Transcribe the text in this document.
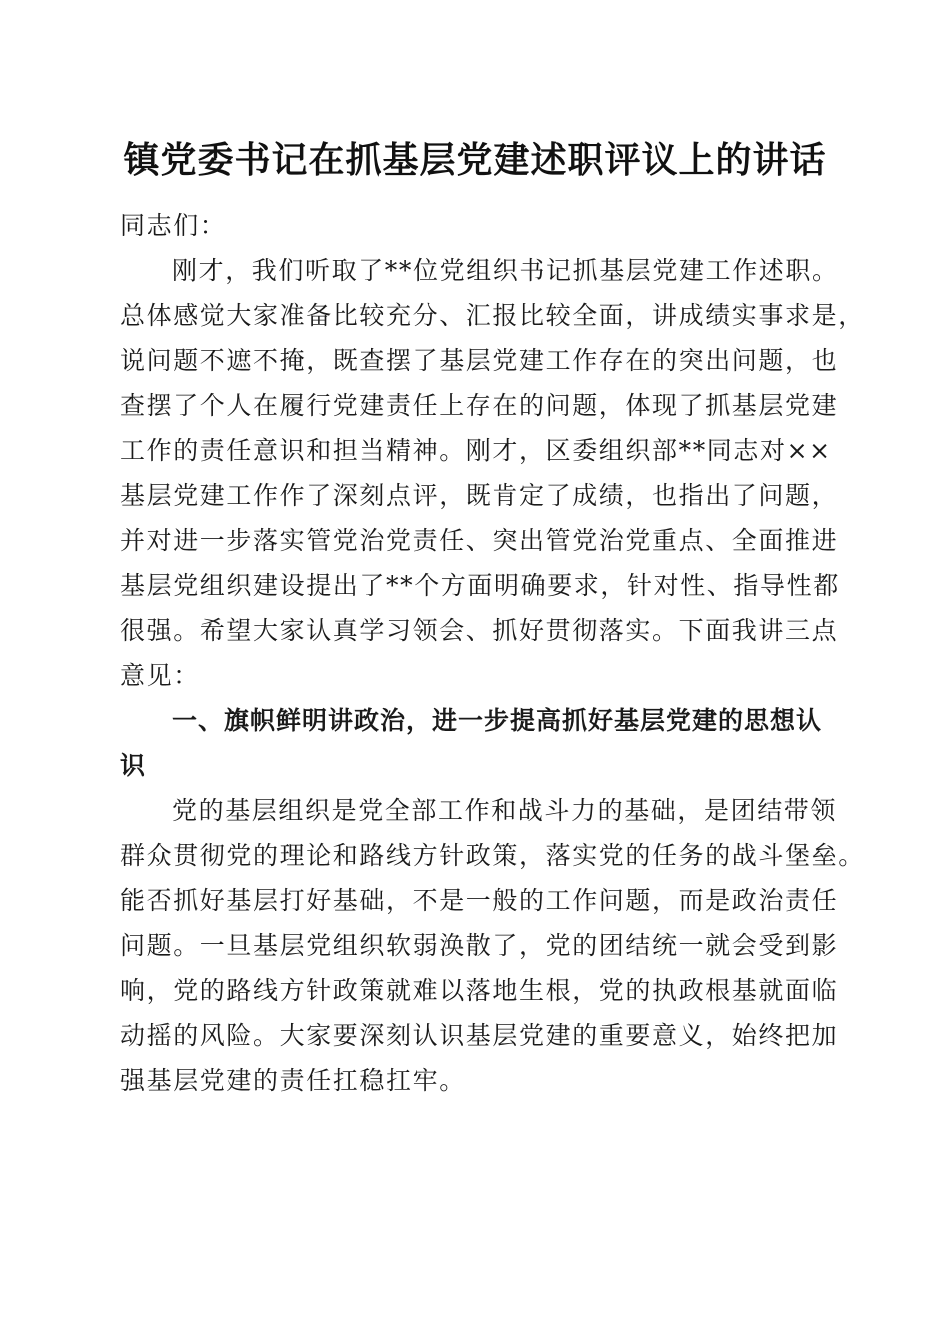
镇党委书记在抓基层党建述职评议上的讲话
同志们：
刚才，我们听取了**位党组织书记抓基层党建工作述职。
总体感觉大家准备比较充分、汇报比较全面，讲成绩实事求是，
说问题不遮不掩，既查摆了基层党建工作存在的突出问题，也
查摆了个人在履行党建责任上存在的问题，体现了抓基层党建
工作的责任意识和担当精神。刚才，区委组织部**同志对××
基层党建工作作了深刻点评，既肯定了成绩，也指出了问题，
并对进一步落实管党治党责任、突出管党治党重点、全面推进
基层党组织建设提出了**个方面明确要求，针对性、指导性都
很强。希望大家认真学习领会、抓好贯彻落实。下面我讲三点
意见：
一、旗帜鲜明讲政治，进一步提高抓好基层党建的思想认
识
党的基层组织是党全部工作和战斗力的基础，是团结带领
群众贯彻党的理论和路线方针政策，落实党的任务的战斗堡垒。
能否抓好基层打好基础，不是一般的工作问题，而是政治责任
问题。一旦基层党组织软弱涣散了，党的团结统一就会受到影
响，党的路线方针政策就难以落地生根，党的执政根基就面临
动摇的风险。大家要深刻认识基层党建的重要意义，始终把加
强基层党建的责任扛稳扛牢。
